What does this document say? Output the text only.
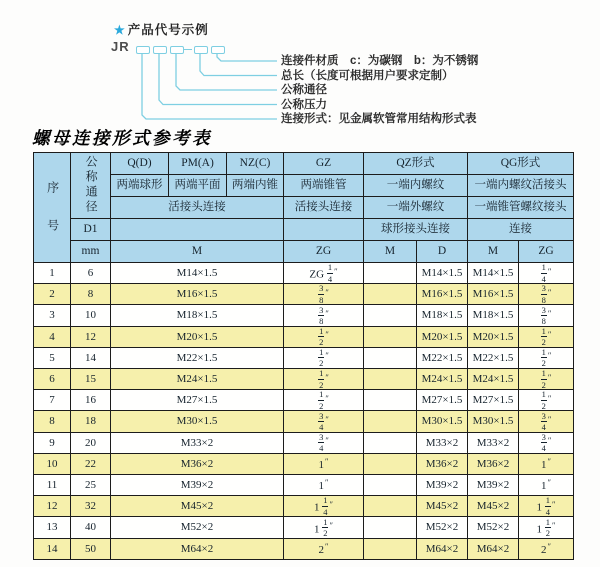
★ 产品代号示例
JR
连接件材质　c：为碳钢　b：为不锈钢
总长（长度可根据用户要求定制）
公称通径
公称压力
连接形式：见金属软管常用结构形式表
螺母连接形式参考表
序号	公称通径	Q(D)	PM(A)	NZ(C)	GZ	QZ形式		QG形式	
		两端球形	两端平面	两端内锥	两端锥管	一端内螺纹		一端内螺纹活接头	
		活接头连接			活接头连接	一端外螺纹		一端锥管螺纹接头	
	D1					球形接头连接		连接	
	mm	M			ZG	M	D	M	ZG
1	6	M14×1.5			ZG $\frac{1}{4} ''$		M14×1.5	M14×1.5	$\frac{1}{4} ''$
2	8	M16×1.5			$\frac{3}{8} ''$		M16×1.5	M16×1.5	$\frac{3}{8} ''$
3	10	M18×1.5			$\frac{3}{8} ''$		M18×1.5	M18×1.5	$\frac{3}{8} ''$
4	12	M20×1.5			$\frac{1}{2} ''$		M20×1.5	M20×1.5	$\frac{1}{2} ''$
5	14	M22×1.5			$\frac{1}{2} ''$		M22×1.5	M22×1.5	$\frac{1}{2} ''$
6	15	M24×1.5			$\frac{1}{2} ''$		M24×1.5	M24×1.5	$\frac{1}{2} ''$
7	16	M27×1.5			$\frac{1}{2} ''$		M27×1.5	M27×1.5	$\frac{1}{2} ''$
8	18	M30×1.5			$\frac{3}{4} ''$		M30×1.5	M30×1.5	$\frac{3}{4} ''$
9	20	M33×2			$\frac{3}{4} ''$		M33×2	M33×2	$\frac{3}{4} ''$
10	22	M36×2			1″		M36×2	M36×2	1″
11	25	M39×2			1″		M39×2	M39×2	1″
12	32	M45×2			$1 \frac{1}{4} ''$		M45×2	M45×2	$1 \frac{1}{4} ''$
13	40	M52×2			$1 \frac{1}{2} ''$		M52×2	M52×2	$1 \frac{1}{2} ''$
14	50	M64×2			2″		M64×2	M64×2	2″
